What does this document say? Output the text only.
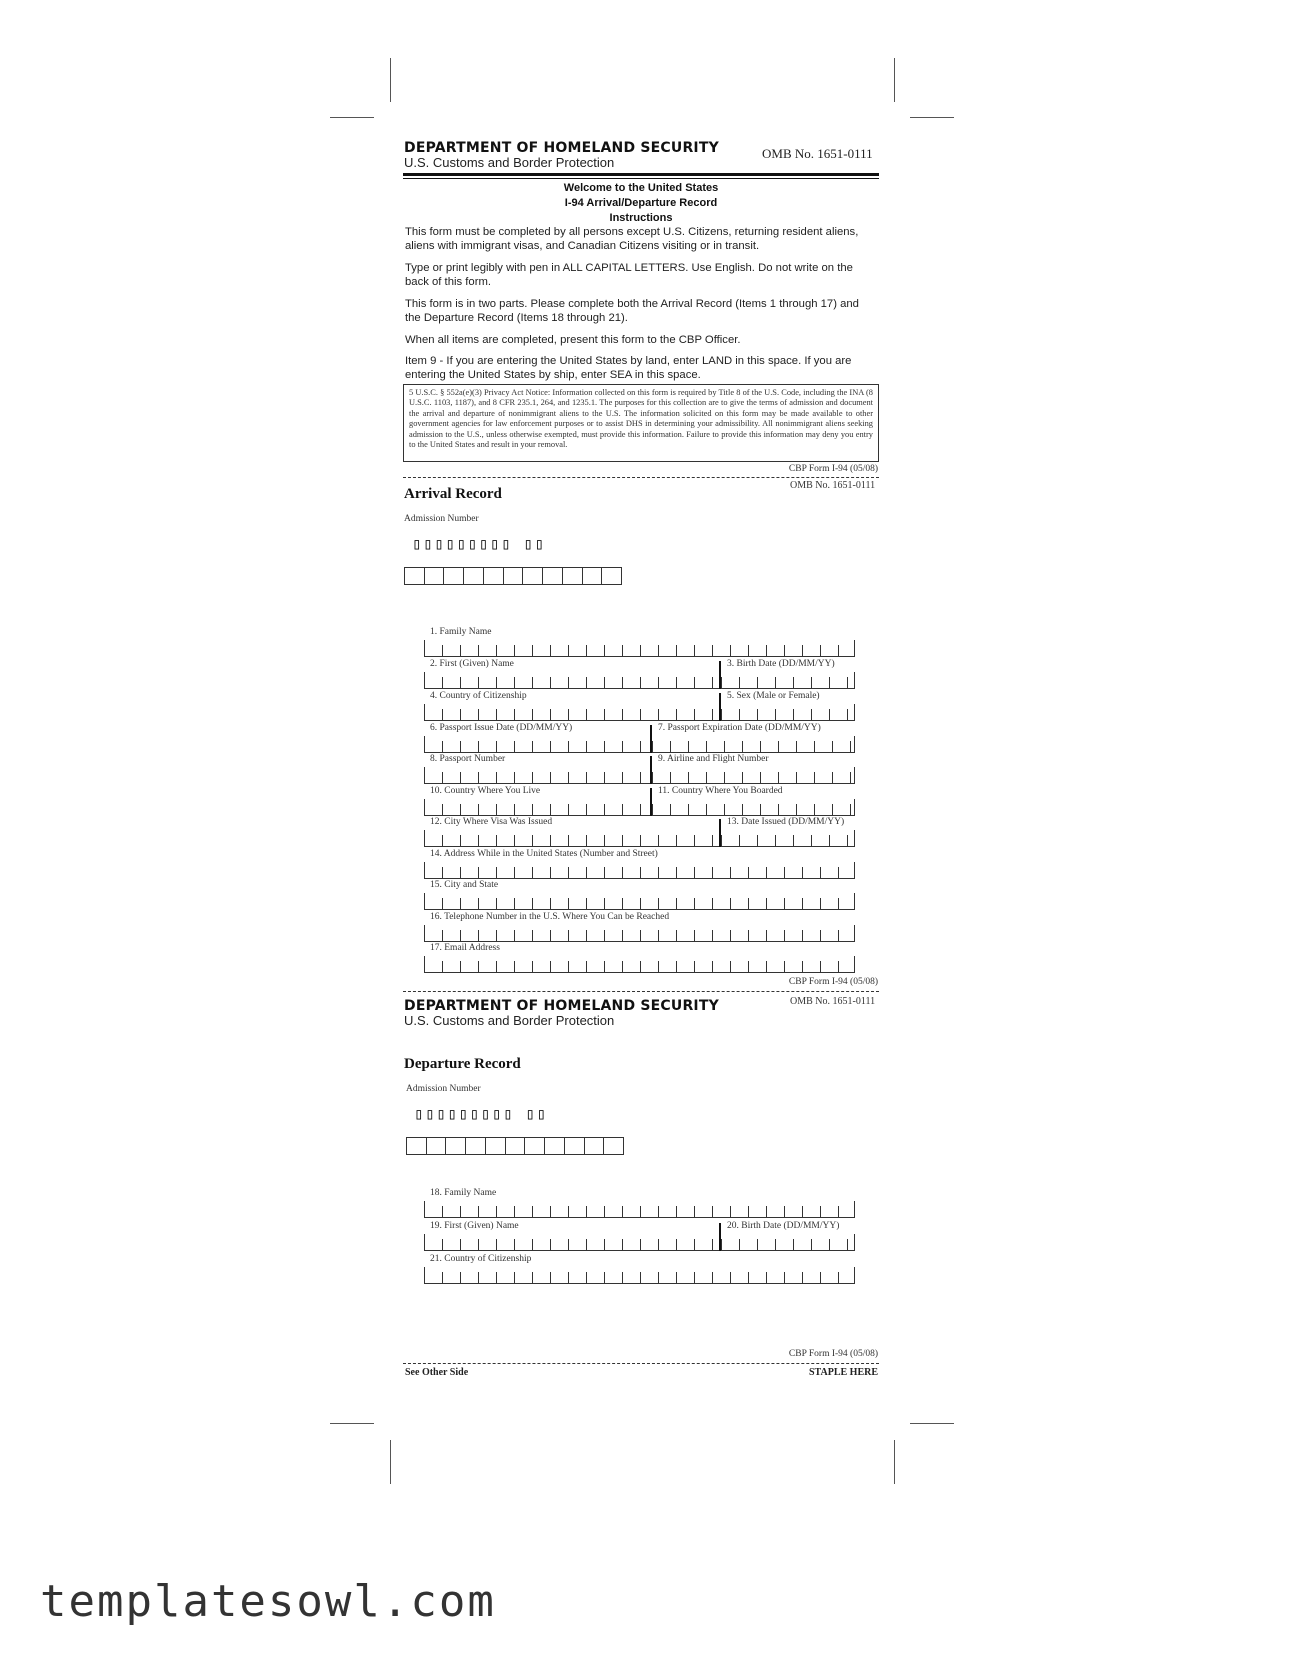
DEPARTMENT OF HOMELAND SECURITY
U.S. Customs and Border Protection
OMB No. 1651-0111
Welcome to the United States
I-94 Arrival/Departure Record
Instructions
This form must be completed by all persons except U.S. Citizens, returning resident aliens, aliens with immigrant visas, and Canadian Citizens visiting or in transit.
Type or print legibly with pen in ALL CAPITAL LETTERS. Use English. Do not write on the back of this form.
This form is in two parts. Please complete both the Arrival Record (Items 1 through 17) and the Departure Record (Items 18 through 21).
When all items are completed, present this form to the CBP Officer.
Item 9 - If you are entering the United States by land, enter LAND in this space. If you are entering the United States by ship, enter SEA in this space.
5 U.S.C. § 552a(e)(3) Privacy Act Notice: Information collected on this form is required by Title 8 of the U.S. Code, including the INA (8 U.S.C. 1103, 1187), and 8 CFR 235.1, 264, and 1235.1. The purposes for this collection are to give the terms of admission and document the arrival and departure of nonimmigrant aliens to the U.S. The information solicited on this form may be made available to other government agencies for law enforcement purposes or to assist DHS in determining your admissibility. All nonimmigrant aliens seeking admission to the U.S., unless otherwise exempted, must provide this information. Failure to provide this information may deny you entry to the United States and result in your removal.
CBP Form I-94 (05/08)
OMB No. 1651-0111
Arrival Record
Admission Number
▯▯▯▯▯▯▯▯▯ ▯▯
1. Family Name
2. First (Given) Name	3. Birth Date (DD/MM/YY)
4. Country of Citizenship	5. Sex (Male or Female)
6. Passport Issue Date (DD/MM/YY)	7. Passport Expiration Date (DD/MM/YY)
8. Passport Number	9. Airline and Flight Number
10. Country Where You Live	11. Country Where You Boarded
12. City Where Visa Was Issued	13. Date Issued (DD/MM/YY)
14. Address While in the United States (Number and Street)
15. City and State
16. Telephone Number in the U.S. Where You Can be Reached
17. Email Address
CBP Form I-94 (05/08)
DEPARTMENT OF HOMELAND SECURITY
U.S. Customs and Border Protection
OMB No. 1651-0111
Departure Record
Admission Number
▯▯▯▯▯▯▯▯▯ ▯▯
18. Family Name
19. First (Given) Name	20. Birth Date (DD/MM/YY)
21. Country of Citizenship
CBP Form I-94 (05/08)
See Other Side	STAPLE HERE
templatesowl.com
